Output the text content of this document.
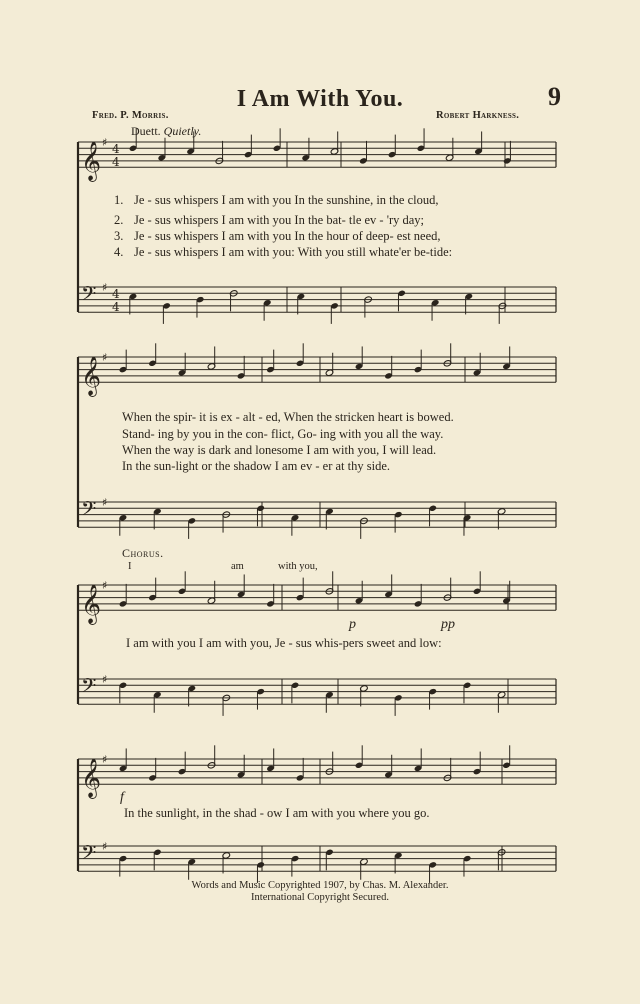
I Am With You.	9
Fred. P. Morris.	Robert Harkness.
Duett. Quietly.
𝄞 ♯ 4
4
𝄢 ♯ 4
4
𝄞 ♯
𝄢 ♯
𝄞 ♯
𝄢 ♯
𝄞 ♯
𝄢 ♯
1. Je - sus whispers I am with you In the sunshine, in the cloud,
2. Je - sus whispers I am with you In the bat- tle ev - 'ry day;
3. Je - sus whispers I am with you In the hour of deep- est need,
4. Je - sus whispers I am with you: With you still whate'er be-tide:
When the spir- it is ex - alt - ed, When the stricken heart is bowed.
Stand- ing by you in the con- flict, Go- ing with you all the way.
When the way is dark and lonesome I am with you, I will lead.
In the sun-light or the shadow I am ev - er at thy side.
Chorus.
I	am	with you,
I am with you I am with you, Je - sus whis-pers sweet and low:
p	pp
f
In the sunlight, in the shad - ow I am with you where you go.
Words and Music Copyrighted 1907, by Chas. M. Alexander.
International Copyright Secured.
